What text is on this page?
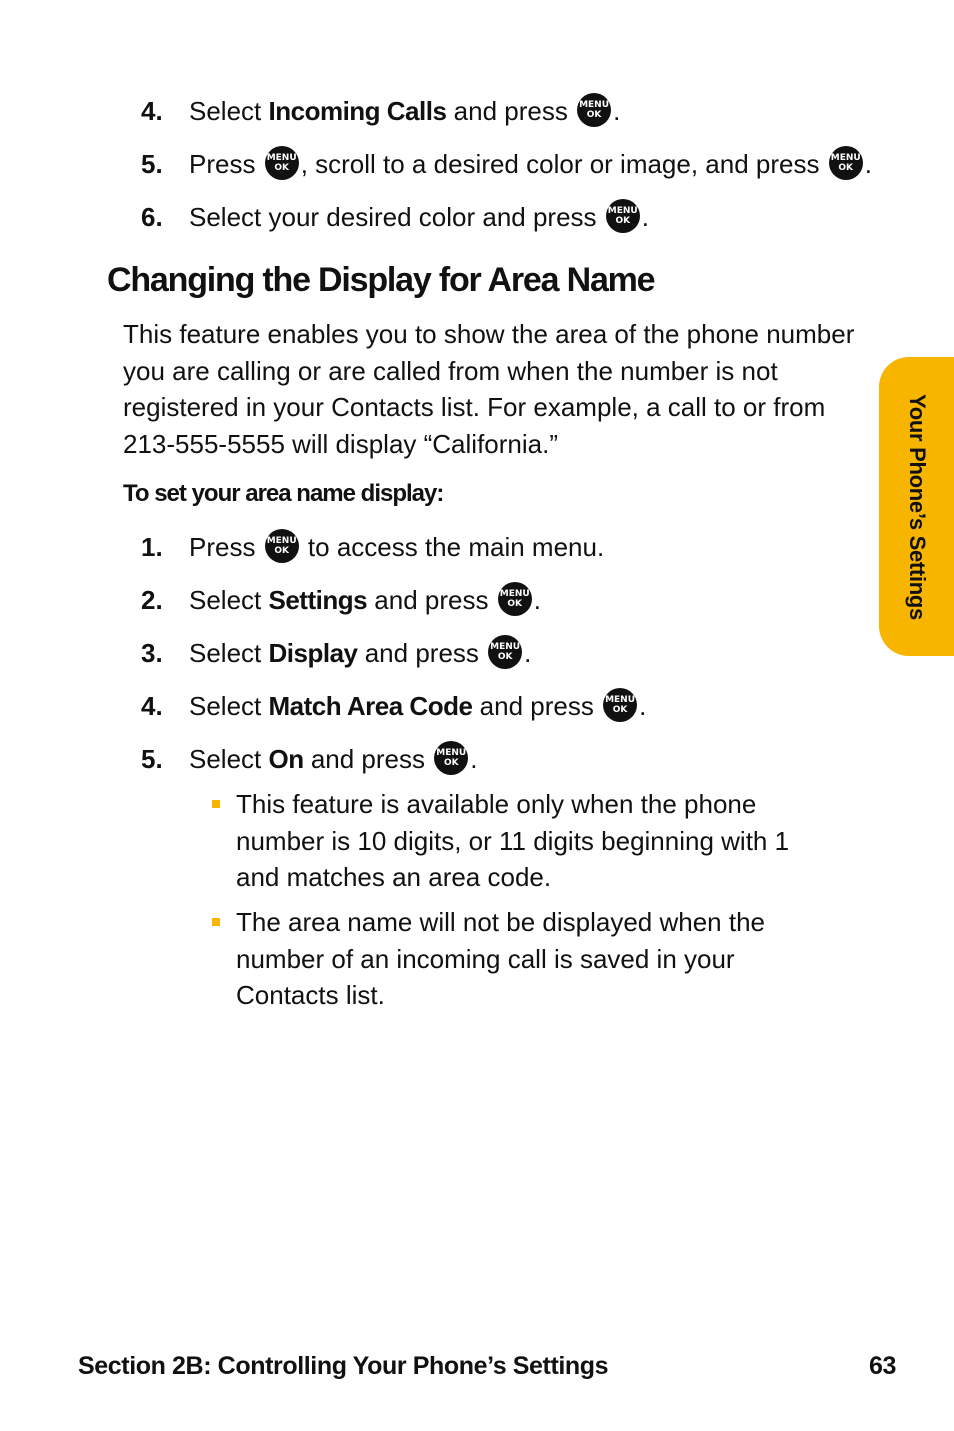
4. Select Incoming Calls and press MENU
OK .
5. Press MENU
OK , scroll to a desired color or image, and press MENU
OK .
6. Select your desired color and press MENU
OK .
Changing the Display for Area Name

This feature enables you to show the area of the phone number you are calling or are called from when the number is not registered in your Contacts list. For example, a call to or from 213-555-5555 will display “California.”

To set your area name display:

1. Press MENU
OK to access the main menu.
2. Select Settings and press MENU
OK .
3. Select Display and press MENU
OK .
4. Select Match Area Code and press MENU
OK .
5. Select On and press MENU
OK .
This feature is available only when the phone number is 10 digits, or 11 digits beginning with 1 and matches an area code.
The area name will not be displayed when the number of an incoming call is saved in your Contacts list.
Your Phone’s Settings
Section 2B: Controlling Your Phone’s Settings	63
